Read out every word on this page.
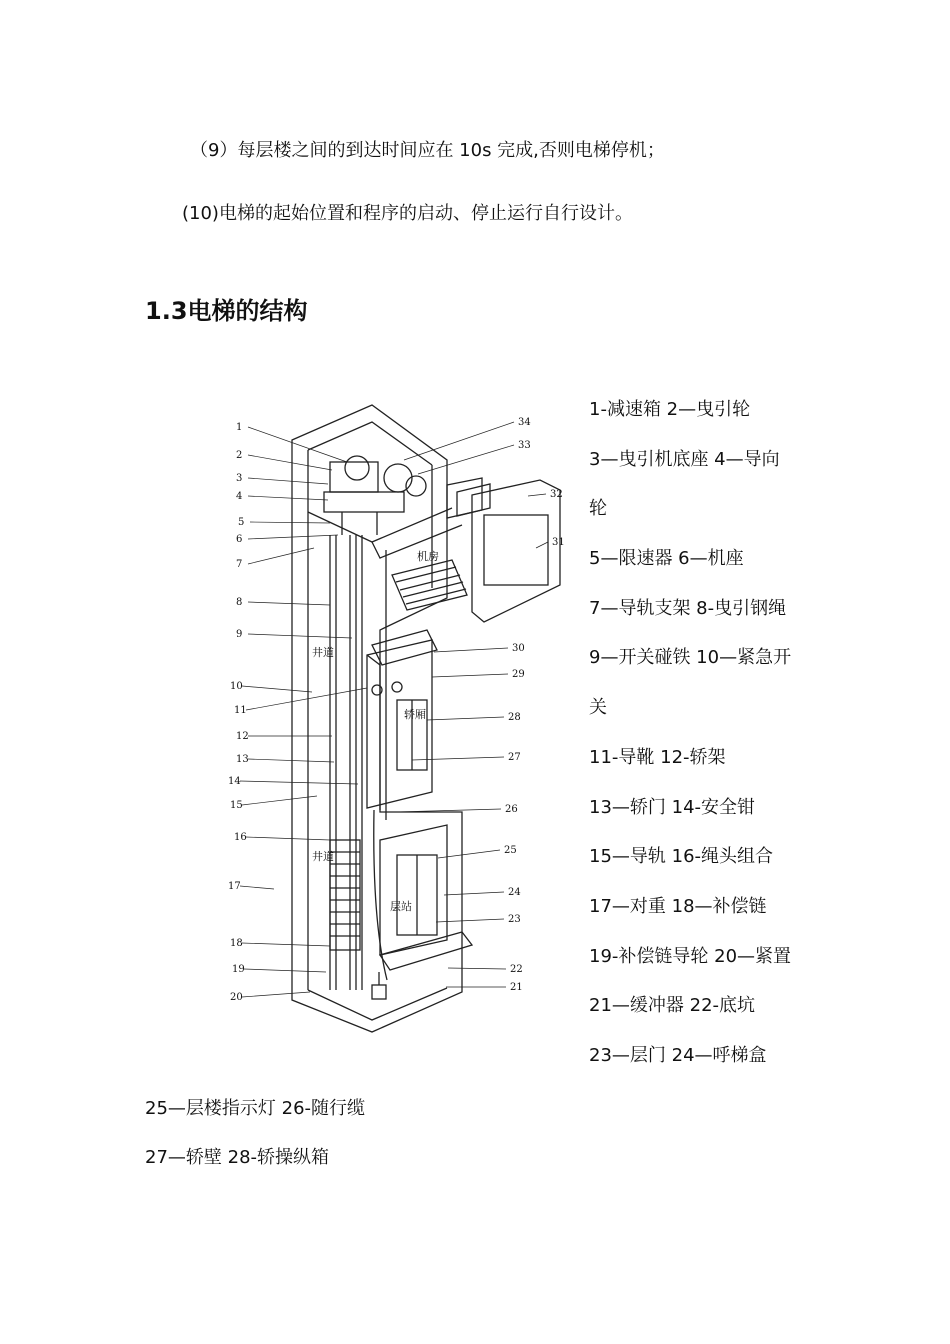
（9）每层楼之间的到达时间应在 10s 完成,否则电梯停机；

(10)电梯的起始位置和程序的启动、停止运行自行设计。

1.3电梯的结构
井道
井道
机房
轿厢
层站
1
2
3
4
5
6
7
8
9
10
11
12
13
14
15
16
17
18
19
20
21
22
23
24
25
26
27
28
29
30
31
32
33
34
1-减速箱 2—曳引轮
3—曳引机底座 4—导向
轮
5—限速器 6—机座
7—导轨支架 8-曳引钢绳
9—开关碰铁 10—紧急开
关
11-导靴 12-轿架
13—轿门 14-安全钳
15—导轨 16-绳头组合
17—对重 18—补偿链
19-补偿链导轮 20—紧置
21—缓冲器 22-底坑
23—层门 24—呼梯盒

25—层楼指示灯 26-随行缆

27—轿壁 28-轿操纵箱
